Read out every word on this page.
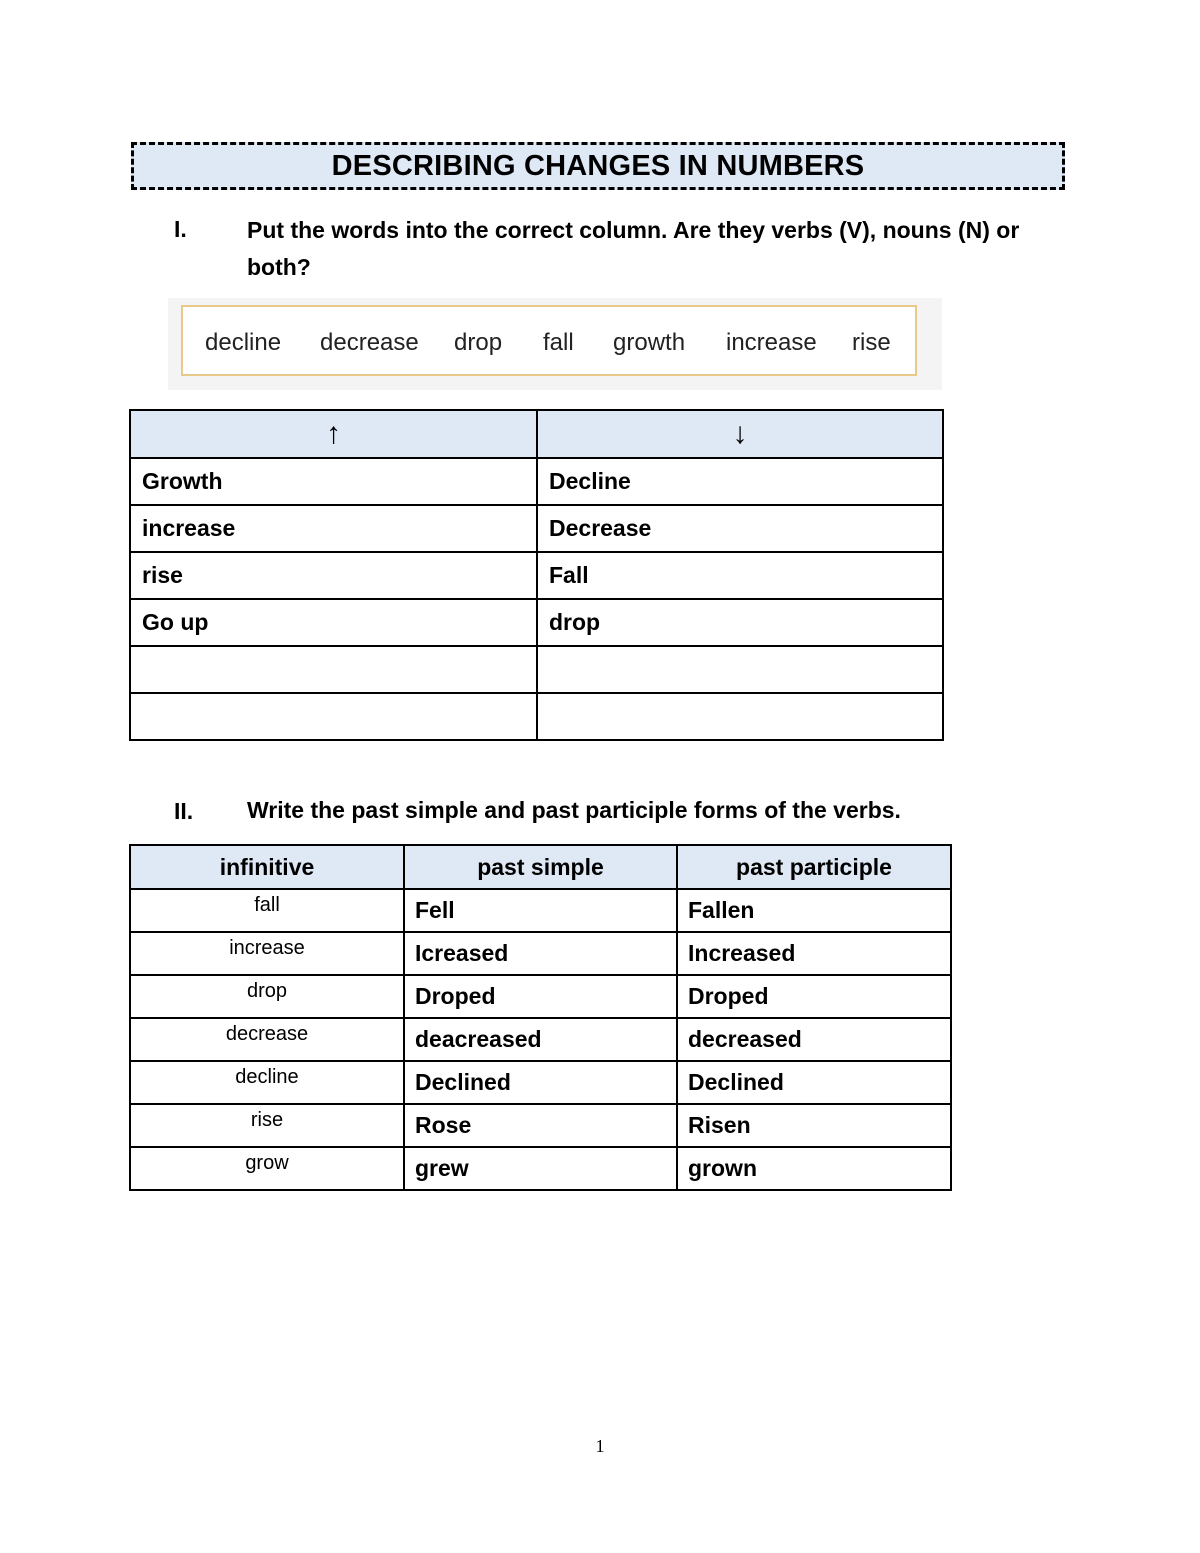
DESCRIBING CHANGES IN NUMBERS
I.	Put the words into the correct column. Are they verbs (V), nouns (N) or
both?
decline decrease drop fall growth increase rise
↑	↓
Growth	Decline
increase	Decrease
rise	Fall
Go up	drop

II. Write the past simple and past participle forms of the verbs.
infinitive	past simple	past participle
fall	Fell	Fallen
increase	Icreased	Increased
drop	Droped	Droped
decrease	deacreased	decreased
decline	Declined	Declined
rise	Rose	Risen
grow	grew	grown
1
